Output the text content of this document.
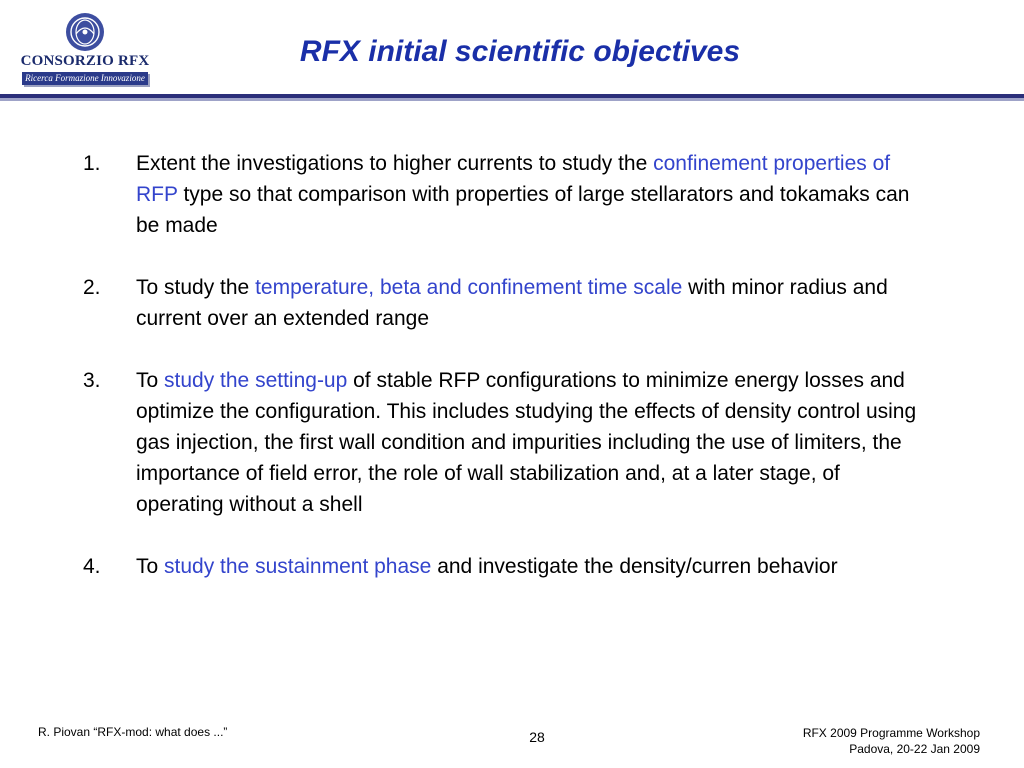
CONSORZIO RFX
Ricerca Formazione Innovazione
RFX initial scientific objectives
1. Extent the investigations to higher currents to study the confinement properties of RFP type so that comparison with properties of large stellarators and tokamaks can be made
2. To study the temperature, beta and confinement time scale with minor radius and current over an extended range
3. To study the setting-up of stable RFP configurations to minimize energy losses and optimize the configuration. This includes studying the effects of density control using gas injection, the first wall condition and impurities including the use of limiters, the importance of field error, the role of wall stabilization and, at a later stage, of operating without a shell
4. To study the sustainment phase and investigate the density/curren behavior
R. Piovan “RFX-mod: what does ...”	28	RFX 2009 Programme Workshop
Padova, 20-22 Jan 2009
